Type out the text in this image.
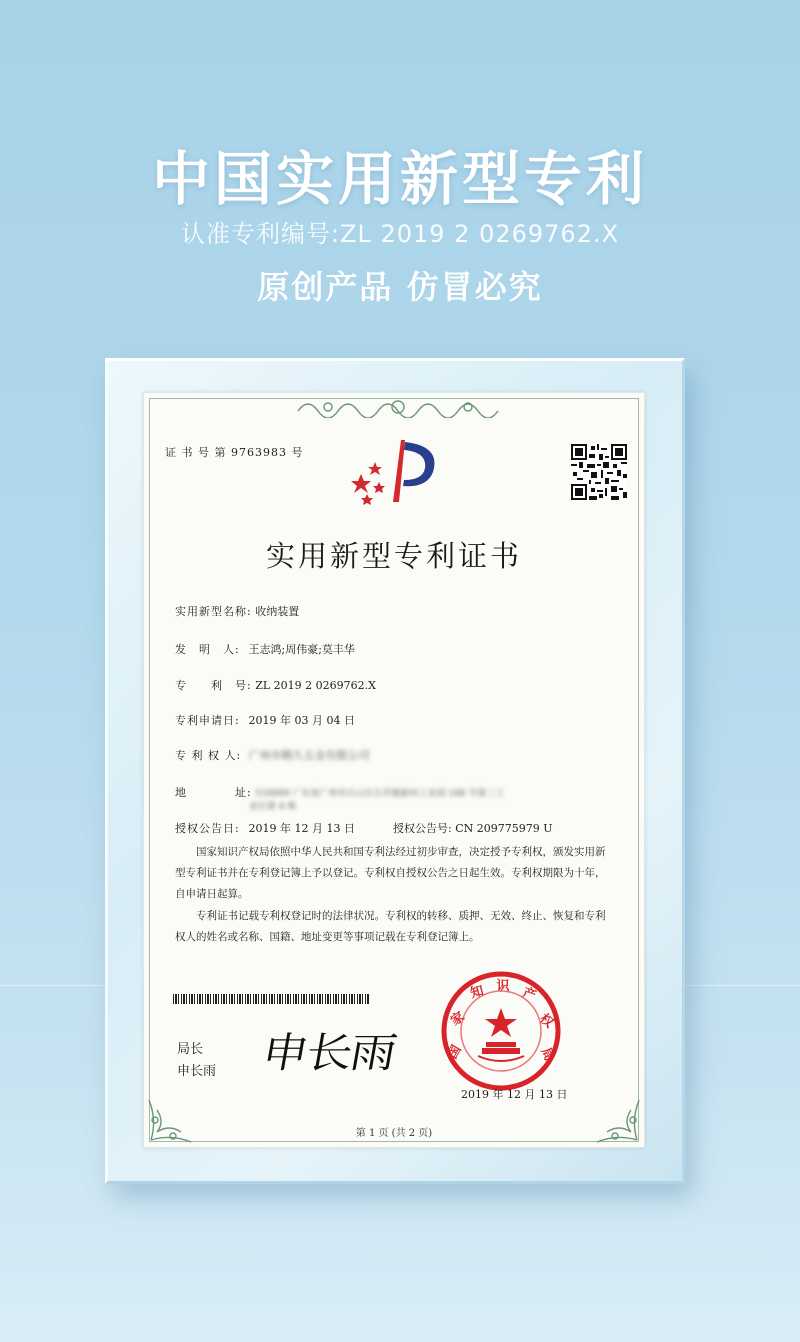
中国实用新型专利
认准专利编号:ZL 2019 2 0269762.X
原创产品 仿冒必究
证 书 号 第 9763983 号
实用新型专利证书
实用新型名称: 收纳装置
发　明　人: 王志鸿;周伟豪;莫丰华
专　　利　号: ZL 2019 2 0269762.X
专利申请日: 2019 年 03 月 04 日
专 利 权 人: 广州市精久五金有限公司
地　　　　址: 510000 广东省广州市白云区石井镇新村工业园 188 号第三工
业区第 4 栋
授权公告日: 2019 年 12 月 13 日	授权公告号: CN 209775979 U
国家知识产权局依照中华人民共和国专利法经过初步审查，决定授予专利权，颁发实用新型专利证书并在专利登记簿上予以登记。专利权自授权公告之日起生效。专利权期限为十年，自申请日起算。
专利证书记载专利权登记时的法律状况。专利权的转移、质押、无效、终止、恢复和专利权人的姓名或名称、国籍、地址变更等事项记载在专利登记簿上。
局长
申长雨 申长雨	国
家
知 识 产
权
局
2019 年 12 月 13 日
第 1 页 (共 2 页)
